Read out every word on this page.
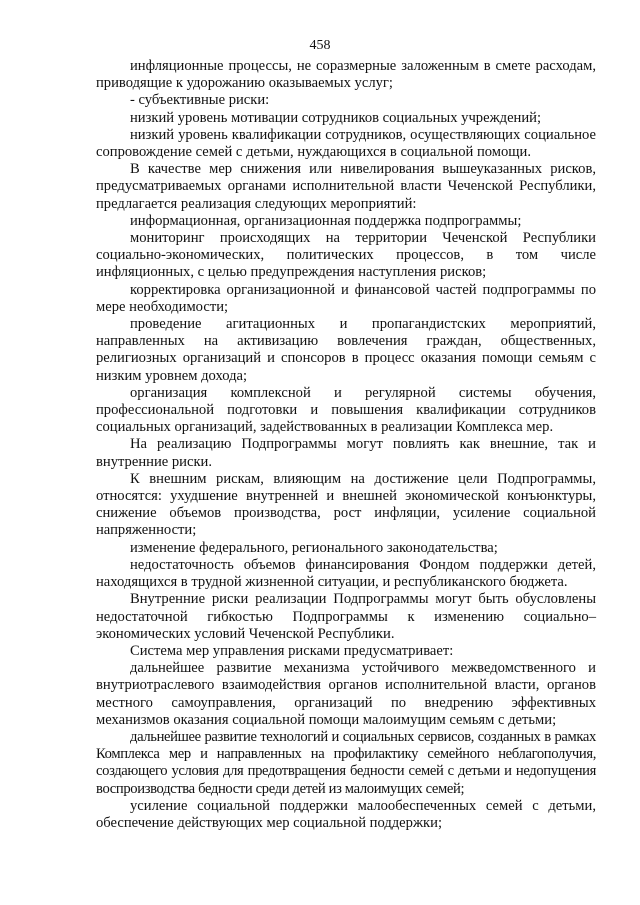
458

инфляционные процессы, не соразмерные заложенным в смете расходам, приводящие к удорожанию оказываемых услуг;

- субъективные риски:

низкий уровень мотивации сотрудников социальных учреждений;

низкий уровень квалификации сотрудников, осуществляющих социальное сопровождение семей с детьми, нуждающихся в социальной помощи.

В качестве мер снижения или нивелирования вышеуказанных рисков, предусматриваемых органами исполнительной власти Чеченской Республики, предлагается реализация следующих мероприятий:

информационная, организационная поддержка подпрограммы;

мониторинг происходящих на территории Чеченской Республики социально-экономических, политических процессов, в том числе инфляционных, с целью предупреждения наступления рисков;

корректировка организационной и финансовой частей подпрограммы по мере необходимости;

проведение агитационных и пропагандистских мероприятий, направленных на активизацию вовлечения граждан, общественных, религиозных организаций и спонсоров в процесс оказания помощи семьям с низким уровнем дохода;

организация комплексной и регулярной системы обучения, профессиональной подготовки и повышения квалификации сотрудников социальных организаций, задействованных в реализации Комплекса мер.

На реализацию Подпрограммы могут повлиять как внешние, так и внутренние риски.

К внешним рискам, влияющим на достижение цели Подпрограммы, относятся: ухудшение внутренней и внешней экономической конъюнктуры, снижение объемов производства, рост инфляции, усиление социальной напряженности;

изменение федерального, регионального законодательства;

недостаточность объемов финансирования Фондом поддержки детей, находящихся в трудной жизненной ситуации, и республиканского бюджета.

Внутренние риски реализации Подпрограммы могут быть обусловлены недостаточной гибкостью Подпрограммы к изменению социально–экономических условий Чеченской Республики.

Система мер управления рисками предусматривает:

дальнейшее развитие механизма устойчивого межведомственного и внутриотраслевого взаимодействия органов исполнительной власти, органов местного самоуправления, организаций по внедрению эффективных механизмов оказания социальной помощи малоимущим семьям с детьми;

дальнейшее развитие технологий и социальных сервисов, созданных в рамках Комплекса мер и направленных на профилактику семейного неблагополучия, создающего условия для предотвращения бедности семей с детьми и недопущения воспроизводства бедности среди детей из малоимущих семей;

усиление социальной поддержки малообеспеченных семей с детьми, обеспечение действующих мер социальной поддержки;
